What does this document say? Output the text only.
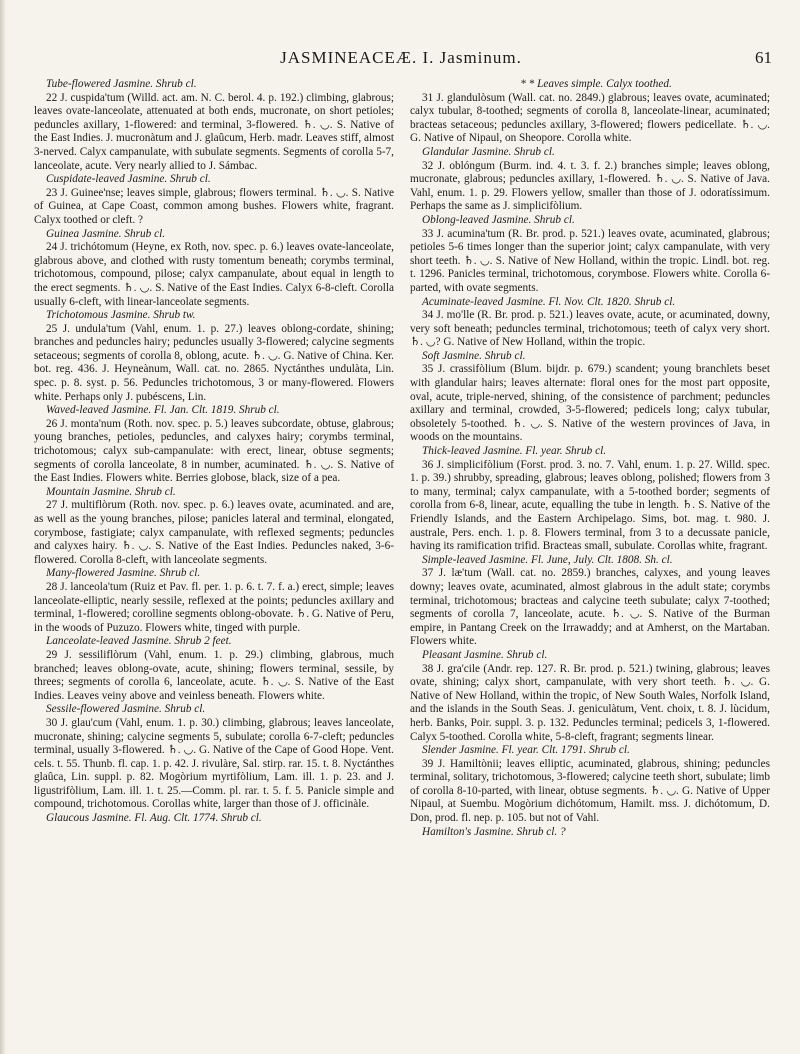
JASMINEACEÆ. I. Jasminum.	61

Tube-flowered Jasmine. Shrub cl.

22 J. cuspida'tum (Willd. act. am. N. C. berol. 4. p. 192.) climbing, glabrous; leaves ovate-lanceolate, attenuated at both ends, mucronate, on short petioles; peduncles axillary, 1-flowered: and terminal, 3-flowered. ♄. ◡. S. Native of the East Indies. J. mucronàtum and J. glaûcum, Herb. madr. Leaves stiff, almost 3-nerved. Calyx campanulate, with subulate segments. Segments of corolla 5-7, lanceolate, acute. Very nearly allied to J. Sámbac.

Cuspidate-leaved Jasmine. Shrub cl.

23 J. Guinee'nse; leaves simple, glabrous; flowers terminal. ♄. ◡. S. Native of Guinea, at Cape Coast, common among bushes. Flowers white, fragrant. Calyx toothed or cleft. ?

Guinea Jasmine. Shrub cl.

24 J. trichótomum (Heyne, ex Roth, nov. spec. p. 6.) leaves ovate-lanceolate, glabrous above, and clothed with rusty tomentum beneath; corymbs terminal, trichotomous, compound, pilose; calyx campanulate, about equal in length to the erect segments. ♄. ◡. S. Native of the East Indies. Calyx 6-8-cleft. Corolla usually 6-cleft, with linear-lanceolate segments.

Trichotomous Jasmine. Shrub tw.

25 J. undula'tum (Vahl, enum. 1. p. 27.) leaves oblong-cordate, shining; branches and peduncles hairy; peduncles usually 3-flowered; calycine segments setaceous; segments of corolla 8, oblong, acute. ♄. ◡. G. Native of China. Ker. bot. reg. 436. J. Heyneànum, Wall. cat. no. 2865. Nyctánthes undulàta, Lin. spec. p. 8. syst. p. 56. Peduncles trichotomous, 3 or many-flowered. Flowers white. Perhaps only J. pubéscens, Lin.

Waved-leaved Jasmine. Fl. Jan. Clt. 1819. Shrub cl.

26 J. monta'num (Roth. nov. spec. p. 5.) leaves subcordate, obtuse, glabrous; young branches, petioles, peduncles, and calyxes hairy; corymbs terminal, trichotomous; calyx sub-campanulate: with erect, linear, obtuse segments; segments of corolla lanceolate, 8 in number, acuminated. ♄. ◡. S. Native of the East Indies. Flowers white. Berries globose, black, size of a pea.

Mountain Jasmine. Shrub cl.

27 J. multiflòrum (Roth. nov. spec. p. 6.) leaves ovate, acuminated. and are, as well as the young branches, pilose; panicles lateral and terminal, elongated, corymbose, fastigiate; calyx campanulate, with reflexed segments; peduncles and calyxes hairy. ♄. ◡. S. Native of the East Indies. Peduncles naked, 3-6-flowered. Corolla 8-cleft, with lanceolate segments.

Many-flowered Jasmine. Shrub cl.

28 J. lanceola'tum (Ruiz et Pav. fl. per. 1. p. 6. t. 7. f. a.) erect, simple; leaves lanceolate-elliptic, nearly sessile, reflexed at the points; peduncles axillary and terminal, 1-flowered; corolline segments oblong-obovate. ♄. G. Native of Peru, in the woods of Puzuzo. Flowers white, tinged with purple.

Lanceolate-leaved Jasmine. Shrub 2 feet.

29 J. sessiliflòrum (Vahl, enum. 1. p. 29.) climbing, glabrous, much branched; leaves oblong-ovate, acute, shining; flowers terminal, sessile, by threes; segments of corolla 6, lanceolate, acute. ♄. ◡. S. Native of the East Indies. Leaves veiny above and veinless beneath. Flowers white.

Sessile-flowered Jasmine. Shrub cl.

30 J. glau'cum (Vahl, enum. 1. p. 30.) climbing, glabrous; leaves lanceolate, mucronate, shining; calycine segments 5, subulate; corolla 6-7-cleft; peduncles terminal, usually 3-flowered. ♄. ◡. G. Native of the Cape of Good Hope. Vent. cels. t. 55. Thunb. fl. cap. 1. p. 42. J. rivulàre, Sal. stirp. rar. 15. t. 8. Nyctánthes glaûca, Lin. suppl. p. 82. Mogòrium myrtifòlium, Lam. ill. 1. p. 23. and J. ligustrifòlium, Lam. ill. 1. t. 25.—Comm. pl. rar. t. 5. f. 5. Panicle simple and compound, trichotomous. Corollas white, larger than those of J. officinàle.

Glaucous Jasmine. Fl. Aug. Clt. 1774. Shrub cl.

* * Leaves simple. Calyx toothed.

31 J. glandulòsum (Wall. cat. no. 2849.) glabrous; leaves ovate, acuminated; calyx tubular, 8-toothed; segments of corolla 8, lanceolate-linear, acuminated; bracteas setaceous; peduncles axillary, 3-flowered; flowers pedicellate. ♄. ◡. G. Native of Nipaul, on Sheopore. Corolla white.

Glandular Jasmine. Shrub cl.

32 J. oblóngum (Burm. ind. 4. t. 3. f. 2.) branches simple; leaves oblong, mucronate, glabrous; peduncles axillary, 1-flowered. ♄. ◡. S. Native of Java. Vahl, enum. 1. p. 29. Flowers yellow, smaller than those of J. odoratíssimum. Perhaps the same as J. simplicifòlium.

Oblong-leaved Jasmine. Shrub cl.

33 J. acumina'tum (R. Br. prod. p. 521.) leaves ovate, acuminated, glabrous; petioles 5-6 times longer than the superior joint; calyx campanulate, with very short teeth. ♄. ◡. S. Native of New Holland, within the tropic. Lindl. bot. reg. t. 1296. Panicles terminal, trichotomous, corymbose. Flowers white. Corolla 6-parted, with ovate segments.

Acuminate-leaved Jasmine. Fl. Nov. Clt. 1820. Shrub cl.

34 J. mo'lle (R. Br. prod. p. 521.) leaves ovate, acute, or acuminated, downy, very soft beneath; peduncles terminal, trichotomous; teeth of calyx very short. ♄. ◡? G. Native of New Holland, within the tropic.

Soft Jasmine. Shrub cl.

35 J. crassifòlium (Blum. bijdr. p. 679.) scandent; young branchlets beset with glandular hairs; leaves alternate: floral ones for the most part opposite, oval, acute, triple-nerved, shining, of the consistence of parchment; peduncles axillary and terminal, crowded, 3-5-flowered; pedicels long; calyx tubular, obsoletely 5-toothed. ♄. ◡. S. Native of the western provinces of Java, in woods on the mountains.

Thick-leaved Jasmine. Fl. year. Shrub cl.

36 J. simplicifòlium (Forst. prod. 3. no. 7. Vahl, enum. 1. p. 27. Willd. spec. 1. p. 39.) shrubby, spreading, glabrous; leaves oblong, polished; flowers from 3 to many, terminal; calyx campanulate, with a 5-toothed border; segments of corolla from 6-8, linear, acute, equalling the tube in length. ♄. S. Native of the Friendly Islands, and the Eastern Archipelago. Sims, bot. mag. t. 980. J. australe, Pers. ench. 1. p. 8. Flowers terminal, from 3 to a decussate panicle, having its ramification trifid. Bracteas small, subulate. Corollas white, fragrant.

Simple-leaved Jasmine. Fl. June, July. Clt. 1808. Sh. cl.

37 J. læ'tum (Wall. cat. no. 2859.) branches, calyxes, and young leaves downy; leaves ovate, acuminated, almost glabrous in the adult state; corymbs terminal, trichotomous; bracteas and calycine teeth subulate; calyx 7-toothed; segments of corolla 7, lanceolate, acute. ♄. ◡. S. Native of the Burman empire, in Pantang Creek on the Irrawaddy; and at Amherst, on the Martaban. Flowers white.

Pleasant Jasmine. Shrub cl.

38 J. gra'cile (Andr. rep. 127. R. Br. prod. p. 521.) twining, glabrous; leaves ovate, shining; calyx short, campanulate, with very short teeth. ♄. ◡. G. Native of New Holland, within the tropic, of New South Wales, Norfolk Island, and the islands in the South Seas. J. geniculàtum, Vent. choix, t. 8. J. lùcidum, herb. Banks, Poir. suppl. 3. p. 132. Peduncles terminal; pedicels 3, 1-flowered. Calyx 5-toothed. Corolla white, 5-8-cleft, fragrant; segments linear.

Slender Jasmine. Fl. year. Clt. 1791. Shrub cl.

39 J. Hamiltònii; leaves elliptic, acuminated, glabrous, shining; peduncles terminal, solitary, trichotomous, 3-flowered; calycine teeth short, subulate; limb of corolla 8-10-parted, with linear, obtuse segments. ♄. ◡. G. Native of Upper Nipaul, at Suembu. Mogòrium dichótomum, Hamilt. mss. J. dichótomum, D. Don, prod. fl. nep. p. 105. but not of Vahl.

Hamilton's Jasmine. Shrub cl. ?
